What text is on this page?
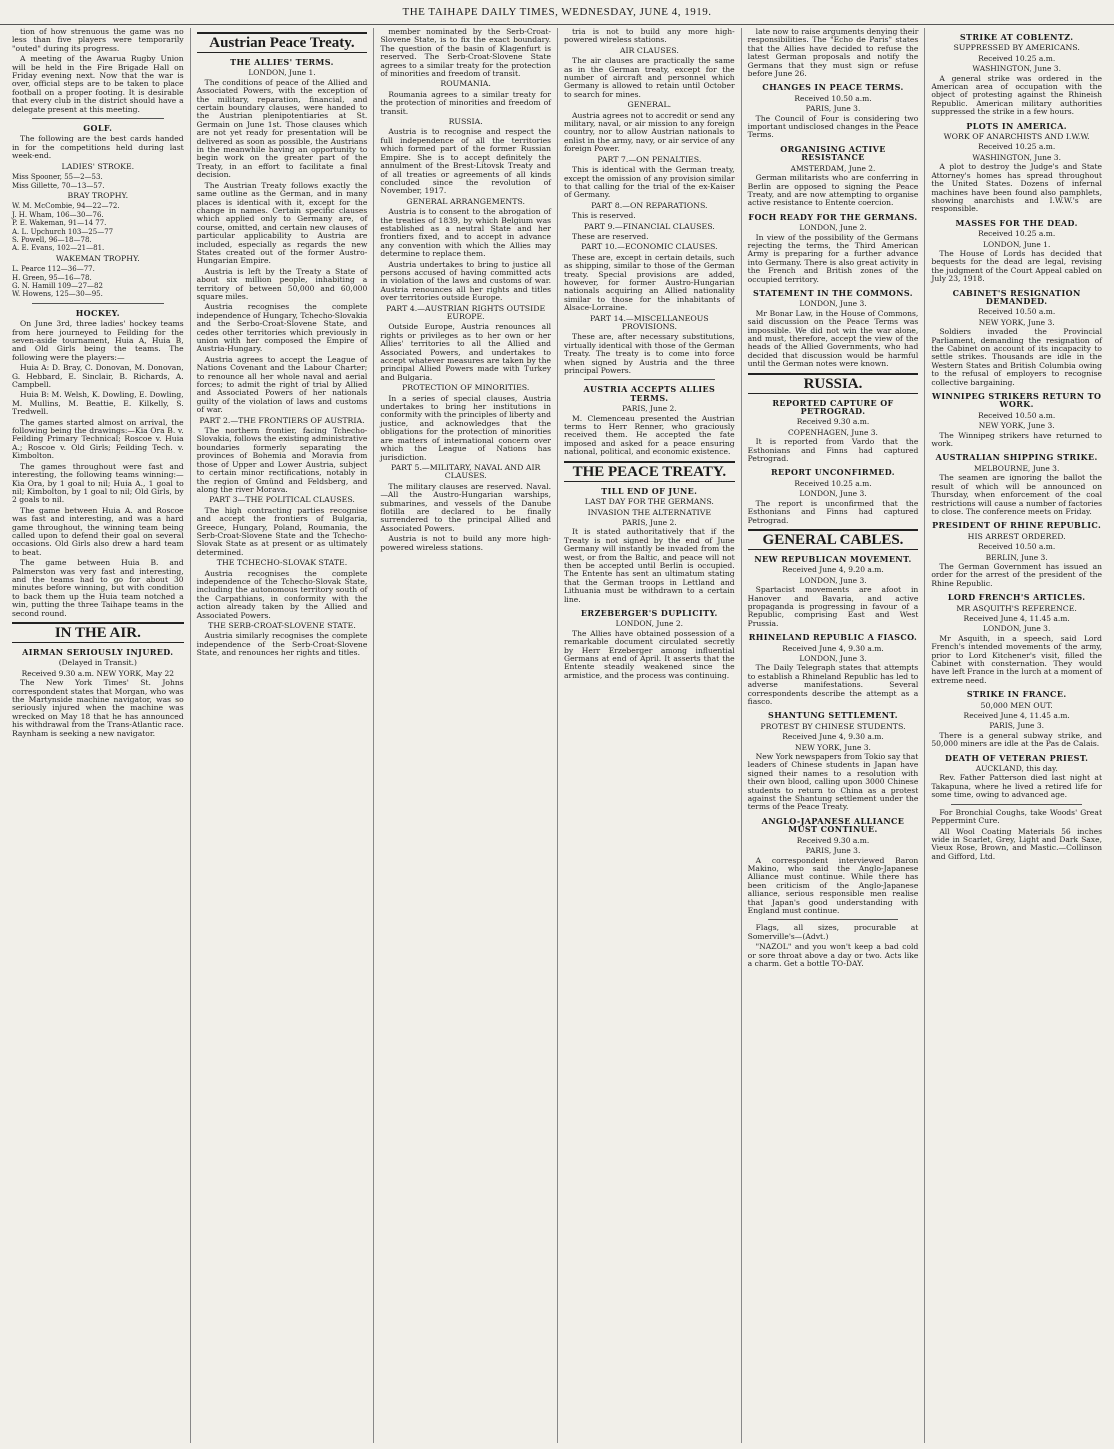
THE TAIHAPE DAILY TIMES, WEDNESDAY, JUNE 4, 1919.

tion of how strenuous the game was no less than five players were temporarily "outed" during its progress.

A meeting of the Awarua Rugby Union will be held in the Fire Brigade Hall on Friday evening next. Now that the war is over, official steps are to be taken to place football on a proper footing. It is desirable that every club in the district should have a delegate present at this meeting.

GOLF.

The following are the best cards handed in for the competitions held during last week-end.

LADIES' STROKE.
Miss Spooner, 55—2—53.
Miss Gillette, 70—13—57.
BRAY TROPHY.
W. M. McCombie, 94—22—72.
J. H. Wham, 106—30—76.
P. E. Wakeman, 91—14 77.
A. L. Upchurch 103—25—77
S. Powell, 96—18—78.
A. E. Evans, 102—21—81.
WAKEMAN TROPHY.
L. Pearce 112—36—77.
H. Green, 95—16—78.
G. N. Hamill 109—27—82
W. Howens, 125—30—95.
HOCKEY.

On June 3rd, three ladies' hockey teams from here journeyed to Feilding for the seven-aside tournament, Huia A, Huia B, and Old Girls being the teams. The following were the players:—

Huia A: D. Bray, C. Donovan, M. Donovan, G. Hebbard, E. Sinclair, B. Richards, A. Campbell.

Huia B: M. Welsh, K. Dowling, E. Dowling, M. Mullins, M. Beattie, E. Kilkelly, S. Tredwell.

The games started almost on arrival, the following being the drawings:—Kia Ora B. v. Feilding Primary Technical; Roscoe v. Huia A.; Roscoe v. Old Girls; Feilding Tech. v. Kimbolton.

The games throughout were fast and interesting, the following teams winning:—Kia Ora, by 1 goal to nil; Huia A., 1 goal to nil; Kimbolton, by 1 goal to nil; Old Girls, by 2 goals to nil.

The game between Huia A. and Roscoe was fast and interesting, and was a hard game throughout, the winning team being called upon to defend their goal on several occasions. Old Girls also drew a hard team to beat.

The game between Huia B. and Palmerston was very fast and interesting, and the teams had to go for about 30 minutes before winning, but with condition to back them up the Huia team notched a win, putting the three Taihape teams in the second round.

IN THE AIR.
AIRMAN SERIOUSLY INJURED.
(Delayed in Transit.)
Received 9.30 a.m. NEW YORK, May 22

The New York Times' St. Johns correspondent states that Morgan, who was the Martynside machine navigator, was so seriously injured when the machine was wrecked on May 18 that he has announced his withdrawal from the Trans-Atlantic race. Raynham is seeking a new navigator.

Austrian Peace Treaty.
THE ALLIES' TERMS.
LONDON, June 1.

The conditions of peace of the Allied and Associated Powers, with the exception of the military, reparation, financial, and certain boundary clauses, were handed to the Austrian plenipotentiaries at St. Germain on June 1st. Those clauses which are not yet ready for presentation will be delivered as soon as possible, the Austrians in the meanwhile having an opportunity to begin work on the greater part of the Treaty, in an effort to facilitate a final decision.

The Austrian Treaty follows exactly the same outline as the German, and in many places is identical with it, except for the change in names. Certain specific clauses which applied only to Germany are, of course, omitted, and certain new clauses of particular applicability to Austria are included, especially as regards the new States created out of the former Austro-Hungarian Empire.

Austria is left by the Treaty a State of about six million people, inhabiting a territory of between 50,000 and 60,000 square miles.

Austria recognises the complete independence of Hungary, Tchecho-Slovakia and the Serbo-Croat-Slovene State, and cedes other territories which previously in union with her composed the Empire of Austria-Hungary.

Austria agrees to accept the League of Nations Covenant and the Labour Charter; to renounce all her whole naval and aerial forces; to admit the right of trial by Allied and Associated Powers of her nationals guilty of the violation of laws and customs of war.

PART 2.—THE FRONTIERS OF AUSTRIA.

The northern frontier, facing Tchecho-Slovakia, follows the existing administrative boundaries formerly separating the provinces of Bohemia and Moravia from those of Upper and Lower Austria, subject to certain minor rectifications, notably in the region of Gmünd and Feldsberg, and along the river Morava.

PART 3—THE POLITICAL CLAUSES.

The high contracting parties recognise and accept the frontiers of Bulgaria, Greece, Hungary, Poland, Roumania, the Serb-Croat-Slovene State and the Tchecho-Slovak State as at present or as ultimately determined.

THE TCHECHO-SLOVAK STATE.

Austria recognises the complete independence of the Tchecho-Slovak State, including the autonomous territory south of the Carpathians, in conformity with the action already taken by the Allied and Associated Powers.

THE SERB-CROAT-SLOVENE STATE.

Austria similarly recognises the complete independence of the Serb-Croat-Slovene State, and renounces her rights and titles.

member nominated by the Serb-Croat-Slovene State, is to fix the exact boundary. The question of the basin of Klagenfurt is reserved. The Serb-Croat-Slovene State agrees to a similar treaty for the protection of minorities and freedom of transit.

ROUMANIA.

Roumania agrees to a similar treaty for the protection of minorities and freedom of transit.

RUSSIA.

Austria is to recognise and respect the full independence of all the territories which formed part of the former Russian Empire. She is to accept definitely the annulment of the Brest-Litovsk Treaty and of all treaties or agreements of all kinds concluded since the revolution of November, 1917.

GENERAL ARRANGEMENTS.

Austria is to consent to the abrogation of the treaties of 1839, by which Belgium was established as a neutral State and her frontiers fixed, and to accept in advance any convention with which the Allies may determine to replace them.

Austria undertakes to bring to justice all persons accused of having committed acts in violation of the laws and customs of war. Austria renounces all her rights and titles over territories outside Europe.

PART 4.—AUSTRIAN RIGHTS OUTSIDE EUROPE.

Outside Europe, Austria renounces all rights or privileges as to her own or her Allies' territories to all the Allied and Associated Powers, and undertakes to accept whatever measures are taken by the principal Allied Powers made with Turkey and Bulgaria.

PROTECTION OF MINORITIES.

In a series of special clauses, Austria undertakes to bring her institutions in conformity with the principles of liberty and justice, and acknowledges that the obligations for the protection of minorities are matters of international concern over which the League of Nations has jurisdiction.

PART 5.—MILITARY, NAVAL AND AIR CLAUSES.

The military clauses are reserved. Naval.—All the Austro-Hungarian warships, submarines, and vessels of the Danube flotilla are declared to be finally surrendered to the principal Allied and Associated Powers.

Austria is not to build any more high-powered wireless stations.

tria is not to build any more high-powered wireless stations.

AIR CLAUSES.

The air clauses are practically the same as in the German treaty, except for the number of aircraft and personnel which Germany is allowed to retain until October to search for mines.

GENERAL.

Austria agrees not to accredit or send any military, naval, or air mission to any foreign country, nor to allow Austrian nationals to enlist in the army, navy, or air service of any foreign Power.

PART 7.—ON PENALTIES.

This is identical with the German treaty, except the omission of any provision similar to that calling for the trial of the ex-Kaiser of Germany.

PART 8.—ON REPARATIONS.

This is reserved.

PART 9.—FINANCIAL CLAUSES.

These are reserved.

PART 10.—ECONOMIC CLAUSES.

These are, except in certain details, such as shipping, similar to those of the German treaty. Special provisions are added, however, for former Austro-Hungarian nationals acquiring an Allied nationality similar to those for the inhabitants of Alsace-Lorraine.

PART 14.—MISCELLANEOUS PROVISIONS.

These are, after necessary substitutions, virtually identical with those of the German Treaty. The treaty is to come into force when signed by Austria and the three principal Powers.

AUSTRIA ACCEPTS ALLIES TERMS.
PARIS, June 2.

M. Clemenceau presented the Austrian terms to Herr Renner, who graciously received them. He accepted the fate imposed and asked for a peace ensuring national, political, and economic existence.

THE PEACE TREATY.
TILL END OF JUNE.
LAST DAY FOR THE GERMANS.
INVASION THE ALTERNATIVE
PARIS, June 2.

It is stated authoritatively that if the Treaty is not signed by the end of June Germany will instantly be invaded from the west, or from the Baltic, and peace will not then be accepted until Berlin is occupied. The Entente has sent an ultimatum stating that the German troops in Lettland and Lithuania must be withdrawn to a certain line.

ERZEBERGER'S DUPLICITY.
LONDON, June 2.

The Allies have obtained possession of a remarkable document circulated secretly by Herr Erzeberger among influential Germans at end of April. It asserts that the Entente steadily weakened since the armistice, and the process was continuing.

late now to raise arguments denying their responsibilities. The "Echo de Paris" states that the Allies have decided to refuse the latest German proposals and notify the Germans that they must sign or refuse before June 26.

CHANGES IN PEACE TERMS.
Received 10.50 a.m.
PARIS, June 3.

The Council of Four is considering two important undisclosed changes in the Peace Terms.

ORGANISING ACTIVE RESISTANCE
AMSTERDAM, June 2.

German militarists who are conferring in Berlin are opposed to signing the Peace Treaty, and are now attempting to organise active resistance to Entente coercion.

FOCH READY FOR THE GERMANS.
LONDON, June 2.

In view of the possibility of the Germans rejecting the terms, the Third American Army is preparing for a further advance into Germany. There is also great activity in the French and British zones of the occupied territory.

STATEMENT IN THE COMMONS.
LONDON, June 3.

Mr Bonar Law, in the House of Commons, said discussion on the Peace Terms was impossible. We did not win the war alone, and must, therefore, accept the view of the heads of the Allied Governments, who had decided that discussion would be harmful until the German notes were known.

RUSSIA.
REPORTED CAPTURE OF PETROGRAD.
Received 9.30 a.m.
COPENHAGEN, June 3.

It is reported from Vardo that the Esthonians and Finns had captured Petrograd.

REPORT UNCONFIRMED.
Received 10.25 a.m.
LONDON, June 3.

The report is unconfirmed that the Esthonians and Finns had captured Petrograd.

GENERAL CABLES.
NEW REPUBLICAN MOVEMENT.
Received June 4, 9.20 a.m.
LONDON, June 3.

Spartacist movements are afoot in Hanover and Bavaria, and active propaganda is progressing in favour of a Republic, comprising East and West Prussia.

RHINELAND REPUBLIC A FIASCO.
Received June 4, 9.30 a.m.
LONDON, June 3.

The Daily Telegraph states that attempts to establish a Rhineland Republic has led to adverse manifestations. Several correspondents describe the attempt as a fiasco.

SHANTUNG SETTLEMENT.
PROTEST BY CHINESE STUDENTS.
Received June 4, 9.30 a.m.
NEW YORK, June 3.

New York newspapers from Tokio say that leaders of Chinese students in Japan have signed their names to a resolution with their own blood, calling upon 3000 Chinese students to return to China as a protest against the Shantung settlement under the terms of the Peace Treaty.

ANGLO-JAPANESE ALLIANCE MUST CONTINUE.
Received 9.30 a.m.
PARIS, June 3.

A correspondent interviewed Baron Makino, who said the Anglo-Japanese Alliance must continue. While there has been criticism of the Anglo-Japanese alliance, serious responsible men realise that Japan's good understanding with England must continue.

Flags, all sizes, procurable at Somerville's—(Advt.)

"NAZOL" and you won't keep a bad cold or sore throat above a day or two. Acts like a charm. Get a bottle TO-DAY.

STRIKE AT COBLENTZ.
SUPPRESSED BY AMERICANS.
Received 10.25 a.m.
WASHINGTON, June 3.

A general strike was ordered in the American area of occupation with the object of protesting against the Rhineish Republic. American military authorities suppressed the strike in a few hours.

PLOTS IN AMERICA.
WORK OF ANARCHISTS AND I.W.W.
Received 10.25 a.m.
WASHINGTON, June 3.

A plot to destroy the Judge's and State Attorney's homes has spread throughout the United States. Dozens of infernal machines have been found also pamphlets, showing anarchists and I.W.W.'s are responsible.

MASSES FOR THE DEAD.
Received 10.25 a.m.
LONDON, June 1.

The House of Lords has decided that bequests for the dead are legal, revising the judgment of the Court Appeal cabled on July 23, 1918.

CABINET'S RESIGNATION DEMANDED.
Received 10.50 a.m.
NEW YORK, June 3.

Soldiers invaded the Provincial Parliament, demanding the resignation of the Cabinet on account of its incapacity to settle strikes. Thousands are idle in the Western States and British Columbia owing to the refusal of employers to recognise collective bargaining.

WINNIPEG STRIKERS RETURN TO WORK.
Received 10.50 a.m.
NEW YORK, June 3.

The Winnipeg strikers have returned to work.

AUSTRALIAN SHIPPING STRIKE.
MELBOURNE, June 3.

The seamen are ignoring the ballot the result of which will be announced on Thursday, when enforcement of the coal restrictions will cause a number of factories to close. The conference meets on Friday.

PRESIDENT OF RHINE REPUBLIC.
HIS ARREST ORDERED.
Received 10.50 a.m.
BERLIN, June 3.

The German Government has issued an order for the arrest of the president of the Rhine Republic.

LORD FRENCH'S ARTICLES.
MR ASQUITH'S REFERENCE.
Received June 4, 11.45 a.m.
LONDON, June 3.

Mr Asquith, in a speech, said Lord French's intended movements of the army, prior to Lord Kitchener's visit, filled the Cabinet with consternation. They would have left France in the lurch at a moment of extreme need.

STRIKE IN FRANCE.
50,000 MEN OUT.
Received June 4, 11.45 a.m.
PARIS, June 3.

There is a general subway strike, and 50,000 miners are idle at the Pas de Calais.

DEATH OF VETERAN PRIEST.
AUCKLAND, this day.

Rev. Father Patterson died last night at Takapuna, where he lived a retired life for some time, owing to advanced age.

For Bronchial Coughs, take Woods' Great Peppermint Cure.

All Wool Coating Materials 56 inches wide in Scarlet, Grey, Light and Dark Saxe, Vieux Rose, Brown, and Mastic.—Collinson and Gifford, Ltd.
